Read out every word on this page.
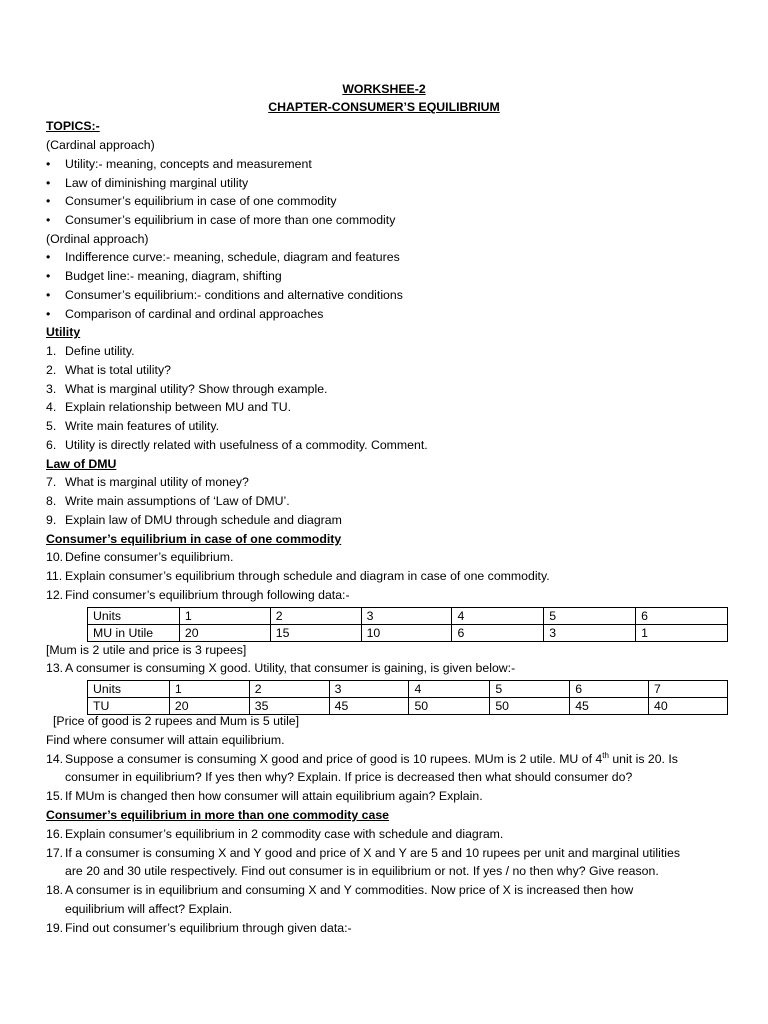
WORKSHEE-2
CHAPTER-CONSUMER’S EQUILIBRIUM
TOPICS:-
(Cardinal approach)
• Utility:- meaning, concepts and measurement
• Law of diminishing marginal utility
• Consumer’s equilibrium in case of one commodity
• Consumer’s equilibrium in case of more than one commodity
(Ordinal approach)
• Indifference curve:- meaning, schedule, diagram and features
• Budget line:- meaning, diagram, shifting
• Consumer’s equilibrium:- conditions and alternative conditions
• Comparison of cardinal and ordinal approaches
Utility
1. Define utility.
2. What is total utility?
3. What is marginal utility? Show through example.
4. Explain relationship between MU and TU.
5. Write main features of utility.
6. Utility is directly related with usefulness of a commodity. Comment.
Law of DMU
7. What is marginal utility of money?
8. Write main assumptions of ‘Law of DMU’.
9. Explain law of DMU through schedule and diagram
Consumer’s equilibrium in case of one commodity
10. Define consumer’s equilibrium.
11. Explain consumer’s equilibrium through schedule and diagram in case of one commodity.
12. Find consumer’s equilibrium through following data:-
Units	1	2	3	4	5	6
MU in Utile	20	15	10	6	3	1
[Mum is 2 utile and price is 3 rupees]
13. A consumer is consuming X good. Utility, that consumer is gaining, is given below:-
Units	1	2	3	4	5	6	7
TU	20	35	45	50	50	45	40
[Price of good is 2 rupees and Mum is 5 utile]
Find where consumer will attain equilibrium.
14. Suppose a consumer is consuming X good and price of good is 10 rupees. MUm is 2 utile. MU of 4th unit is 20. Is
consumer in equilibrium? If yes then why? Explain. If price is decreased then what should consumer do?
15. If MUm is changed then how consumer will attain equilibrium again? Explain.
Consumer’s equilibrium in more than one commodity case
16. Explain consumer’s equilibrium in 2 commodity case with schedule and diagram.
17. If a consumer is consuming X and Y good and price of X and Y are 5 and 10 rupees per unit and marginal utilities
are 20 and 30 utile respectively. Find out consumer is in equilibrium or not. If yes / no then why? Give reason.
18. A consumer is in equilibrium and consuming X and Y commodities. Now price of X is increased then how
equilibrium will affect? Explain.
19. Find out consumer’s equilibrium through given data:-
